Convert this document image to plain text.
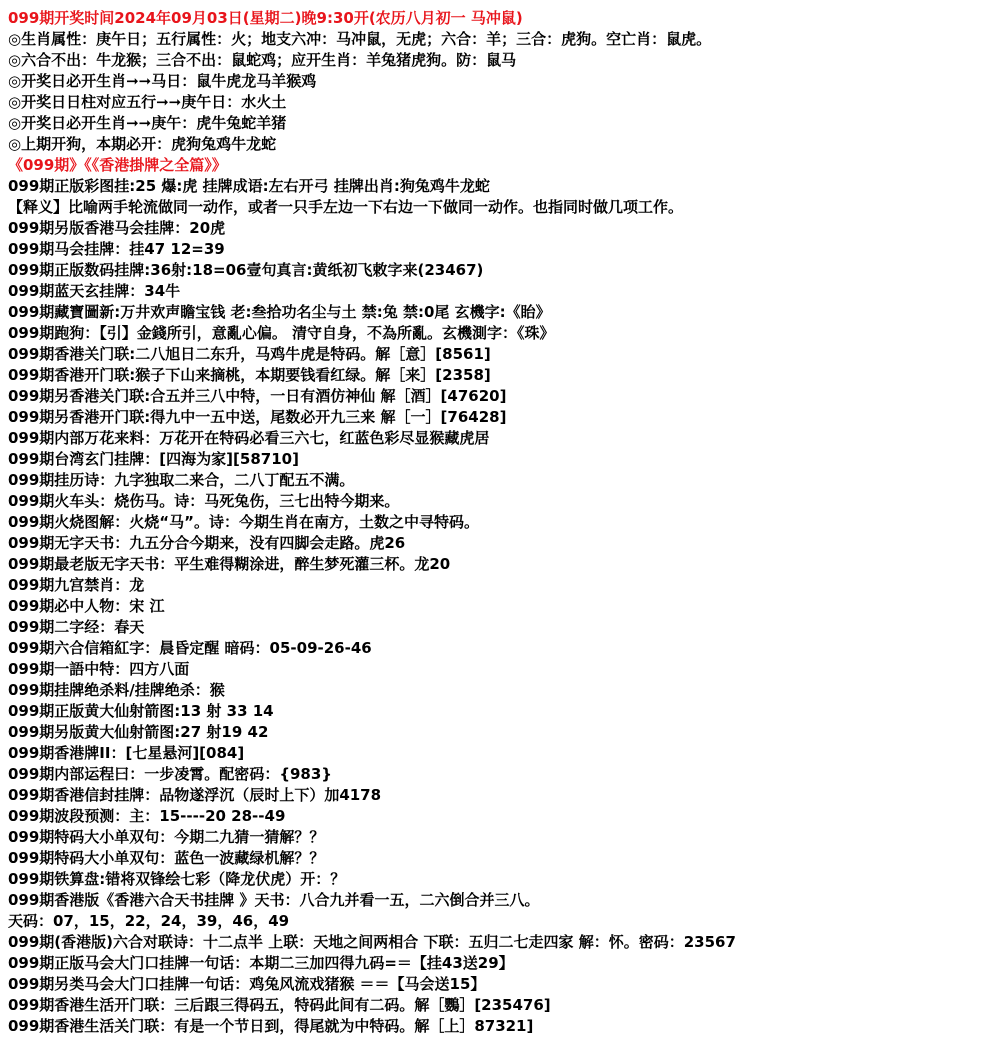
099期开奖时间2024年09月03日(星期二)晚9:30开(农历八月初一 马冲鼠)
◎生肖属性：庚午日；五行属性：火；地支六冲：马冲鼠，无虎；六合：羊；三合：虎狗。空亡肖：鼠虎。
◎六合不出：牛龙猴；三合不出：鼠蛇鸡；应开生肖：羊兔猪虎狗。防：鼠马
◎开奖日必开生肖➞➞马日：鼠牛虎龙马羊猴鸡
◎开奖日日柱对应五行➞➞庚午日：水火土
◎开奖日必开生肖➞➞庚午：虎牛兔蛇羊猪
◎上期开狗，本期必开：虎狗兔鸡牛龙蛇
《099期》《《香港掛牌之全篇》》
099期正版彩图挂:25 爆:虎 挂牌成语:左右开弓 挂牌出肖:狗兔鸡牛龙蛇
【释义】比喻两手轮流做同一动作，或者一只手左边一下右边一下做同一动作。也指同时做几项工作。
099期另版香港马会挂牌：20虎
099期马会挂牌：挂47 12=39
099期正版数码挂牌:36射:18=06壹句真言:黄纸初飞敕字来(23467)
099期蓝天玄挂牌：34牛
099期藏寶圖新:万井欢声瞻宝钱 老:叁拾功名尘与土 禁:兔 禁:0尾 玄機字:《眙》
099期跑狗：【引】金錢所引，意亂心偏。 清守自身，不為所亂。玄機測字：《珠》
099期香港关门联:二八旭日二东升，马鸡牛虎是特码。解［意］[8561]
099期香港开门联:猴子下山来摘桃，本期要钱看红绿。解［来］[2358]
099期另香港关门联:合五并三八中特，一日有酒仿神仙 解［酒］[47620]
099期另香港开门联:得九中一五中送，尾数必开九三来 解［一］[76428]
099期内部万花来料：万花开在特码必看三六七，红蓝色彩尽显猴藏虎居
099期台湾玄门挂牌：[四海为家][58710]
099期挂历诗：九字独取二来合，二八丁配五不满。
099期火车头：烧伤马。诗：马死兔伤，三七出特今期来。
099期火烧图解：火烧“马”。诗：今期生肖在南方，土数之中寻特码。
099期无字天书：九五分合今期来，没有四脚会走路。虎26
099期最老版无字天书：平生难得糊涂进，醉生梦死灌三杯。龙20
099期九宫禁肖：龙
099期必中人物：宋 江
099期二字经：春天
099期六合信箱紅字：晨昏定醒 暗码：05-09-26-46
099期一語中特：四方八面
099期挂牌绝杀料/挂牌绝杀：猴
099期正版黄大仙射箭图:13 射 33 14
099期另版黄大仙射箭图:27 射19 42
099期香港牌II：[七星悬河][084]
099期内部运程曰：一步凌霄。配密码：{983}
099期香港信封挂牌：品物遂浮沉（辰时上下）加4178
099期波段预测：主：15----20 28--49
099期特码大小单双句：今期二九猜一猜解？？
099期特码大小单双句：蓝色一波藏绿机解？？
099期铁算盘:错将双锋绘七彩（降龙伏虎）开：？
099期香港版《香港六合天书挂牌 》天书：八合九并看一五，二六倒合并三八。
天码：07，15，22，24，39，46，49
099期(香港版)六合对联诗：十二点半 上联：天地之间两相合 下联：五归二七走四家 解：怀。密码：23567
099期正版马会大门口挂牌一句话：本期二三加四得九码=＝【挂43送29】
099期另类马会大门口挂牌一句话：鸡兔风流戏猪猴 ＝＝【马会送15】
099期香港生活开门联：三后跟三得码五，特码此间有二码。解［鸚］[235476]
099期香港生活关门联：有是一个节日到，得尾就为中特码。解［上］87321]
